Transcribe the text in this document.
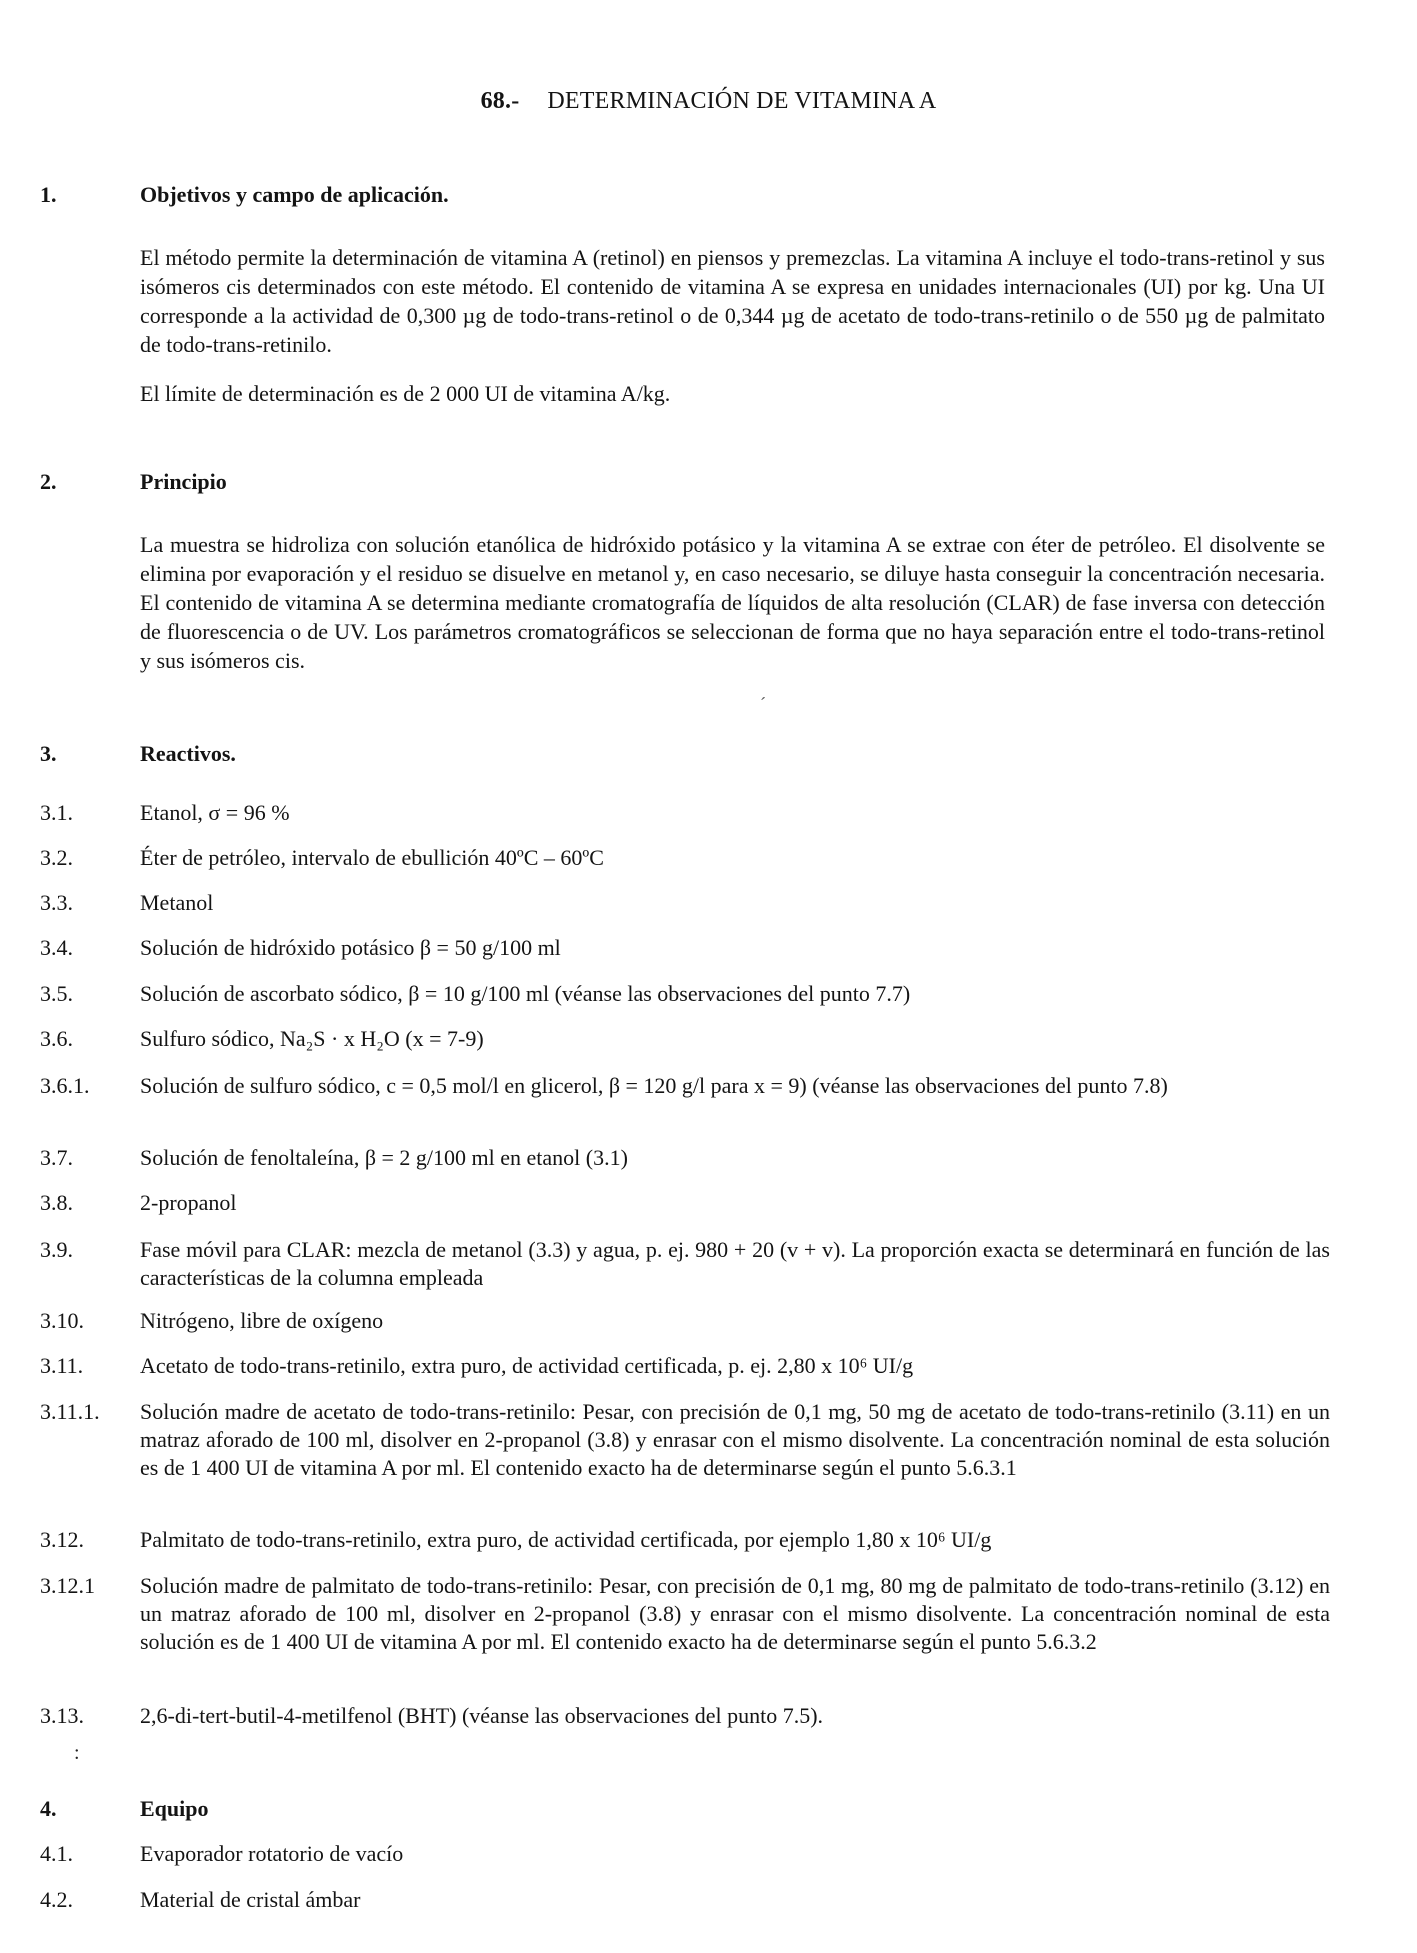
68.- DETERMINACIÓN DE VITAMINA A
1.	Objetivos y campo de aplicación.
El método permite la determinación de vitamina A (retinol) en piensos y premezclas. La vitamina A incluye el todo-trans-retinol y sus isómeros cis determinados con este método. El contenido de vitamina A se expresa en unidades internacionales (UI) por kg. Una UI corresponde a la actividad de 0,300 µg de todo-trans-retinol o de 0,344 µg de acetato de todo-trans-retinilo o de 550 µg de palmitato de todo-trans-retinilo.
El límite de determinación es de 2 000 UI de vitamina A/kg.
2.	Principio
La muestra se hidroliza con solución etanólica de hidróxido potásico y la vitamina A se extrae con éter de petróleo. El disolvente se elimina por evaporación y el residuo se disuelve en metanol y, en caso necesario, se diluye hasta conseguir la concentración necesaria. El contenido de vitamina A se determina mediante cromatografía de líquidos de alta resolución (CLAR) de fase inversa con detección de fluorescencia o de UV. Los parámetros cromatográficos se seleccionan de forma que no haya separación entre el todo-trans-retinol y sus isómeros cis.
´
3.	Reactivos.
3.1.	Etanol, σ = 96 %
3.2.	Éter de petróleo, intervalo de ebullición 40ºC – 60ºC
3.3.	Metanol
3.4.	Solución de hidróxido potásico β = 50 g/100 ml
3.5.	Solución de ascorbato sódico, β = 10 g/100 ml (véanse las observaciones del punto 7.7)
3.6.	Sulfuro sódico, Na₂S · x H₂O (x = 7-9)
3.6.1. Solución de sulfuro sódico, c = 0,5 mol/l en glicerol, β = 120 g/l para x = 9) (véanse las observaciones del punto 7.8)
3.7.	Solución de fenoltaleína, β = 2 g/100 ml en etanol (3.1)
3.8.	2-propanol
3.9.	Fase móvil para CLAR: mezcla de metanol (3.3) y agua, p. ej. 980 + 20 (v + v). La proporción exacta se determinará en función de las características de la columna empleada
3.10.	Nitrógeno, libre de oxígeno
3.11.	Acetato de todo-trans-retinilo, extra puro, de actividad certificada, p. ej. 2,80 x 10⁶ UI/g
3.11.1. Solución madre de acetato de todo-trans-retinilo: Pesar, con precisión de 0,1 mg, 50 mg de acetato de todo-trans-retinilo (3.11) en un matraz aforado de 100 ml, disolver en 2-propanol (3.8) y enrasar con el mismo disolvente. La concentración nominal de esta solución es de 1 400 UI de vitamina A por ml. El contenido exacto ha de determinarse según el punto 5.6.3.1
3.12.	Palmitato de todo-trans-retinilo, extra puro, de actividad certificada, por ejemplo 1,80 x 10⁶ UI/g
3.12.1 Solución madre de palmitato de todo-trans-retinilo: Pesar, con precisión de 0,1 mg, 80 mg de palmitato de todo-trans-retinilo (3.12) en un matraz aforado de 100 ml, disolver en 2-propanol (3.8) y enrasar con el mismo disolvente. La concentración nominal de esta solución es de 1 400 UI de vitamina A por ml. El contenido exacto ha de determinarse según el punto 5.6.3.2
3.13.	2,6-di-tert-butil-4-metilfenol (BHT) (véanse las observaciones del punto 7.5).
:
4.	Equipo
4.1.	Evaporador rotatorio de vacío
4.2.	Material de cristal ámbar
